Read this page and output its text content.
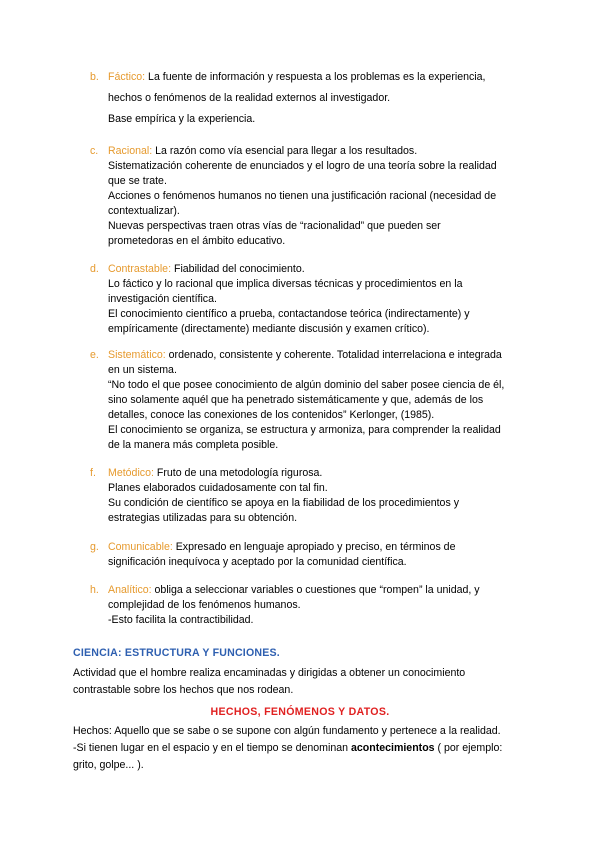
b. Fáctico: La fuente de información y respuesta a los problemas es la experiencia,
hechos o fenómenos de la realidad externos al investigador.
Base empírica y la experiencia.
c. Racional: La razón como vía esencial para llegar a los resultados.
Sistematización coherente de enunciados y el logro de una teoría sobre la realidad
que se trate.
Acciones o fenómenos humanos no tienen una justificación racional (necesidad de
contextualizar).
Nuevas perspectivas traen otras vías de “racionalidad” que pueden ser
prometedoras en el ámbito educativo.
d. Contrastable: Fiabilidad del conocimiento.
Lo fáctico y lo racional que implica diversas técnicas y procedimientos en la
investigación científica.
El conocimiento científico a prueba, contactandose teórica (indirectamente) y
empíricamente (directamente) mediante discusión y examen crítico).
e. Sistemático: ordenado, consistente y coherente. Totalidad interrelaciona e integrada
en un sistema.
“No todo el que posee conocimiento de algún dominio del saber posee ciencia de él,
sino solamente aquél que ha penetrado sistemáticamente y que, además de los
detalles, conoce las conexiones de los contenidos” Kerlonger, (1985).
El conocimiento se organiza, se estructura y armoniza, para comprender la realidad
de la manera más completa posible.
f. Metódico: Fruto de una metodología rigurosa.
Planes elaborados cuidadosamente con tal fin.
Su condición de científico se apoya en la fiabilidad de los procedimientos y
estrategias utilizadas para su obtención.
g. Comunicable: Expresado en lenguaje apropiado y preciso, en términos de
significación inequívoca y aceptado por la comunidad científica.
h. Analítico: obliga a seleccionar variables o cuestiones que “rompen” la unidad, y
complejidad de los fenómenos humanos.
-Esto facilita la contractibilidad.
CIENCIA: ESTRUCTURA Y FUNCIONES.
Actividad que el hombre realiza encaminadas y dirigidas a obtener un conocimiento
contrastable sobre los hechos que nos rodean.
HECHOS, FENÓMENOS Y DATOS.
Hechos: Aquello que se sabe o se supone con algún fundamento y pertenece a la realidad.
-Si tienen lugar en el espacio y en el tiempo se denominan acontecimientos ( por ejemplo:
grito, golpe... ).
